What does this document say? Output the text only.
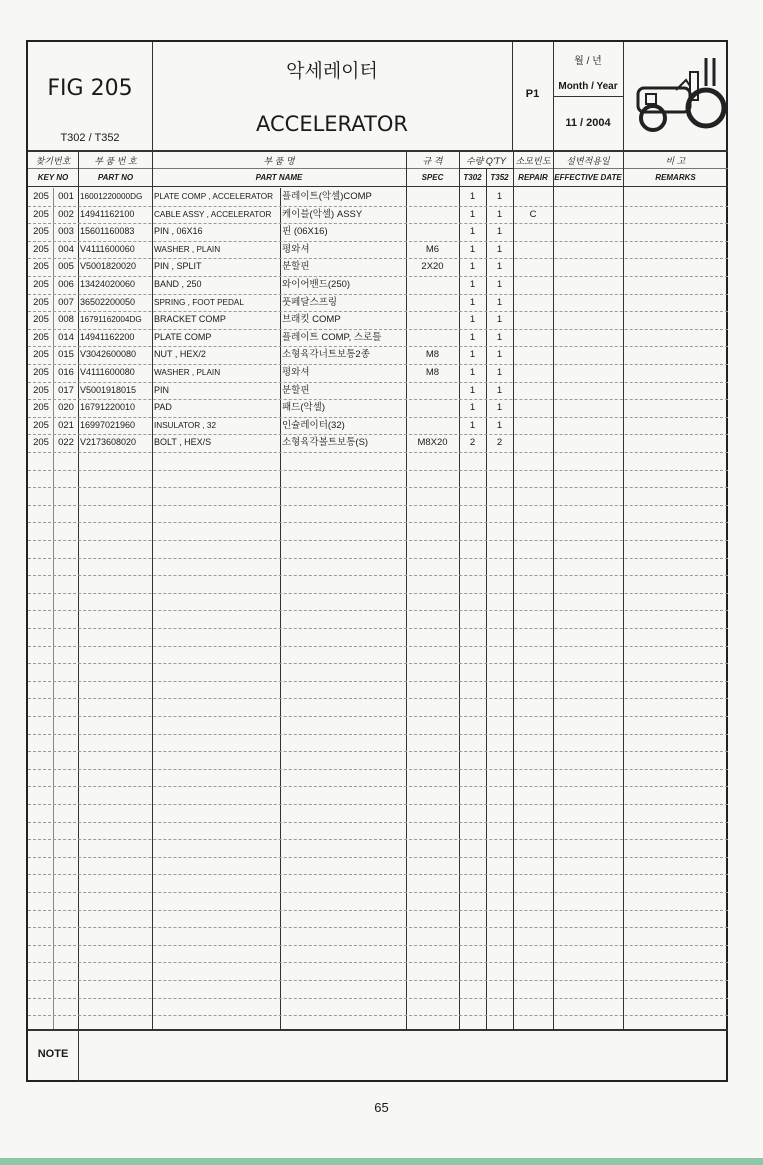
FIG 205
T302 / T352
악세레이터
ACCELERATOR
P1
월 / 년
Month / Year
11 / 2004
찾기번호
KEY NO
부 품 번 호
PART NO
부 품 명
PART NAME
규 격
SPEC
수량 Q'TY
T302	T352
소모빈도
REPAIR
설변적용일
EFFECTIVE DATE
비 고
REMARKS
205 001 16001220000DG	PLATE COMP , ACCELERATOR 플레이트(악셀)COMP	1	1
205 002 14941162100	CABLE ASSY , ACCELERATOR	케이블(악셀) ASSY	1	1	C
205 003 15601160083	PIN , 06X16	핀 (06X16)	1	1
205 004 V4111600060	WASHER , PLAIN	평와셔	M6	1	1
205 005 V5001820020	PIN , SPLIT	분할핀	2X20	1	1
205 006 13424020060	BAND , 250	와이어밴드(250)	1	1
205 007 36502200050	SPRING , FOOT PEDAL	풋페달스프링	1	1
205 008 16791162004DG	BRACKET COMP	브래킷 COMP	1	1
205 014 14941162200	PLATE COMP	플레이트 COMP, 스로틀	1	1
205 015 V3042600080	NUT , HEX/2	소형육각너트보통2종	M8	1	1
205 016 V4111600080	WASHER , PLAIN	평와셔	M8	1	1
205 017 V5001918015	PIN	분할핀	1	1
205 020 16791220010	PAD	패드(악셀)	1	1
205 021 16997021960	INSULATOR , 32	인슐레이터(32)	1	1
205 022 V2173608020	BOLT , HEX/S	소형육각볼트보통(S)	M8X20	2	2
NOTE
65
